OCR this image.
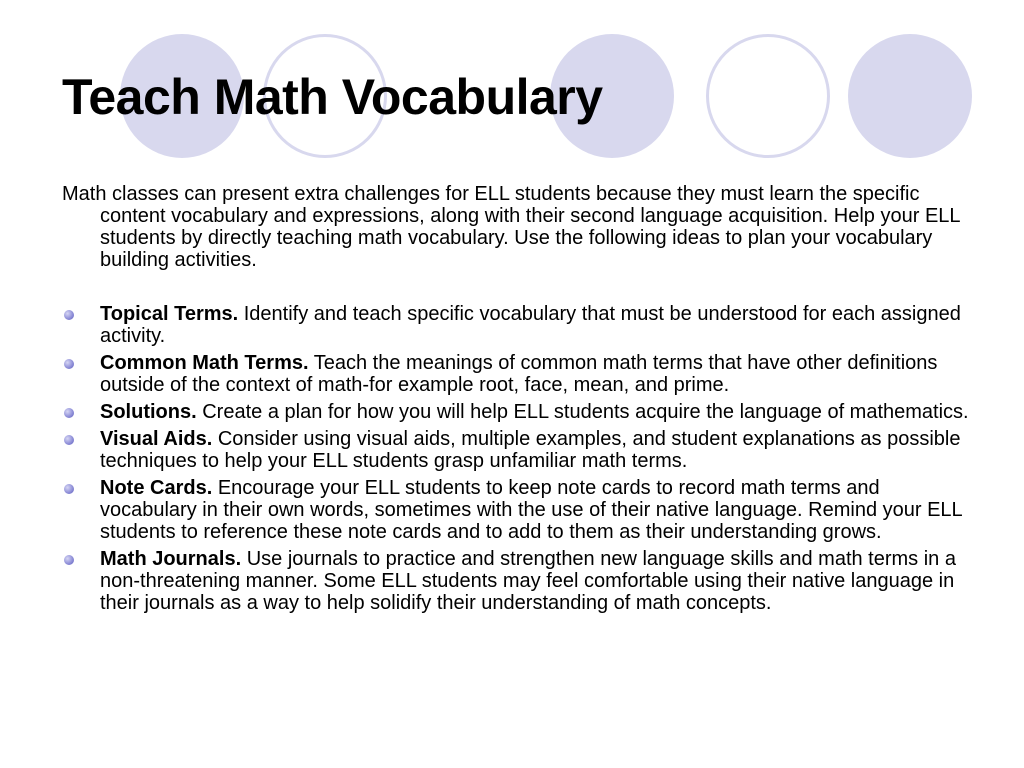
Teach Math Vocabulary

Math classes can present extra challenges for ELL students because they must learn the specific content vocabulary and expressions, along with their second language acquisition. Help your ELL students by directly teaching math vocabulary. Use the following ideas to plan your vocabulary building activities.

Topical Terms. Identify and teach specific vocabulary that must be understood for each assigned activity.
Common Math Terms. Teach the meanings of common math terms that have other definitions outside of the context of math-for example root, face, mean, and prime.
Solutions. Create a plan for how you will help ELL students acquire the language of mathematics.
Visual Aids. Consider using visual aids, multiple examples, and student explanations as possible techniques to help your ELL students grasp unfamiliar math terms.
Note Cards. Encourage your ELL students to keep note cards to record math terms and vocabulary in their own words, sometimes with the use of their native language. Remind your ELL students to reference these note cards and to add to them as their understanding grows.
Math Journals. Use journals to practice and strengthen new language skills and math terms in a non-threatening manner. Some ELL students may feel comfortable using their native language in their journals as a way to help solidify their understanding of math concepts.
